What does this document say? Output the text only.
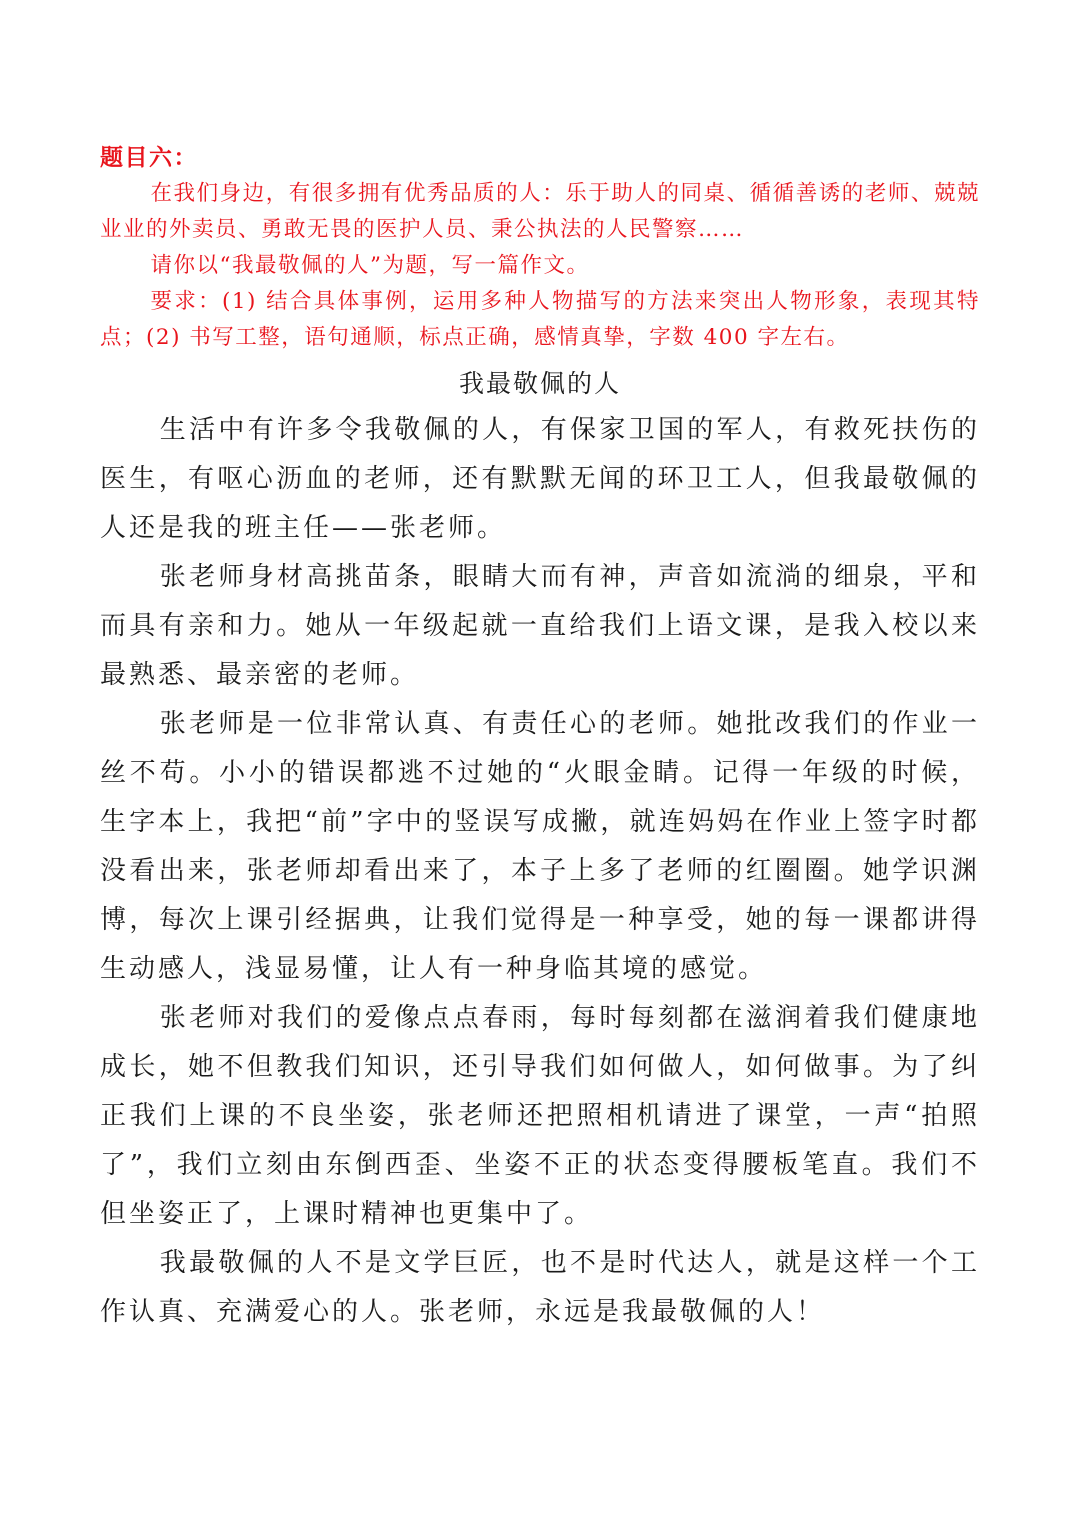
题目六：

在我们身边，有很多拥有优秀品质的人：乐于助人的同桌、循循善诱的老师、兢兢业业的外卖员、勇敢无畏的医护人员、秉公执法的人民警察……

请你以“我最敬佩的人”为题，写一篇作文。

要求：(1) 结合具体事例，运用多种人物描写的方法来突出人物形象，表现其特点；(2) 书写工整，语句通顺，标点正确，感情真挚，字数 400 字左右。

我最敬佩的人

生活中有许多令我敬佩的人，有保家卫国的军人，有救死扶伤的医生，有呕心沥血的老师，还有默默无闻的环卫工人，但我最敬佩的人还是我的班主任——张老师。

张老师身材高挑苗条，眼睛大而有神，声音如流淌的细泉，平和而具有亲和力。她从一年级起就一直给我们上语文课，是我入校以来最熟悉、最亲密的老师。

张老师是一位非常认真、有责任心的老师。她批改我们的作业一丝不苟。小小的错误都逃不过她的“火眼金睛。记得一年级的时候，生字本上，我把“前”字中的竖误写成撇，就连妈妈在作业上签字时都没看出来，张老师却看出来了，本子上多了老师的红圈圈。她学识渊博，每次上课引经据典，让我们觉得是一种享受，她的每一课都讲得生动感人，浅显易懂，让人有一种身临其境的感觉。

张老师对我们的爱像点点春雨，每时每刻都在滋润着我们健康地成长，她不但教我们知识，还引导我们如何做人，如何做事。为了纠正我们上课的不良坐姿，张老师还把照相机请进了课堂，一声“拍照了”，我们立刻由东倒西歪、坐姿不正的状态变得腰板笔直。我们不但坐姿正了，上课时精神也更集中了。

我最敬佩的人不是文学巨匠，也不是时代达人，就是这样一个工作认真、充满爱心的人。张老师，永远是我最敬佩的人！
